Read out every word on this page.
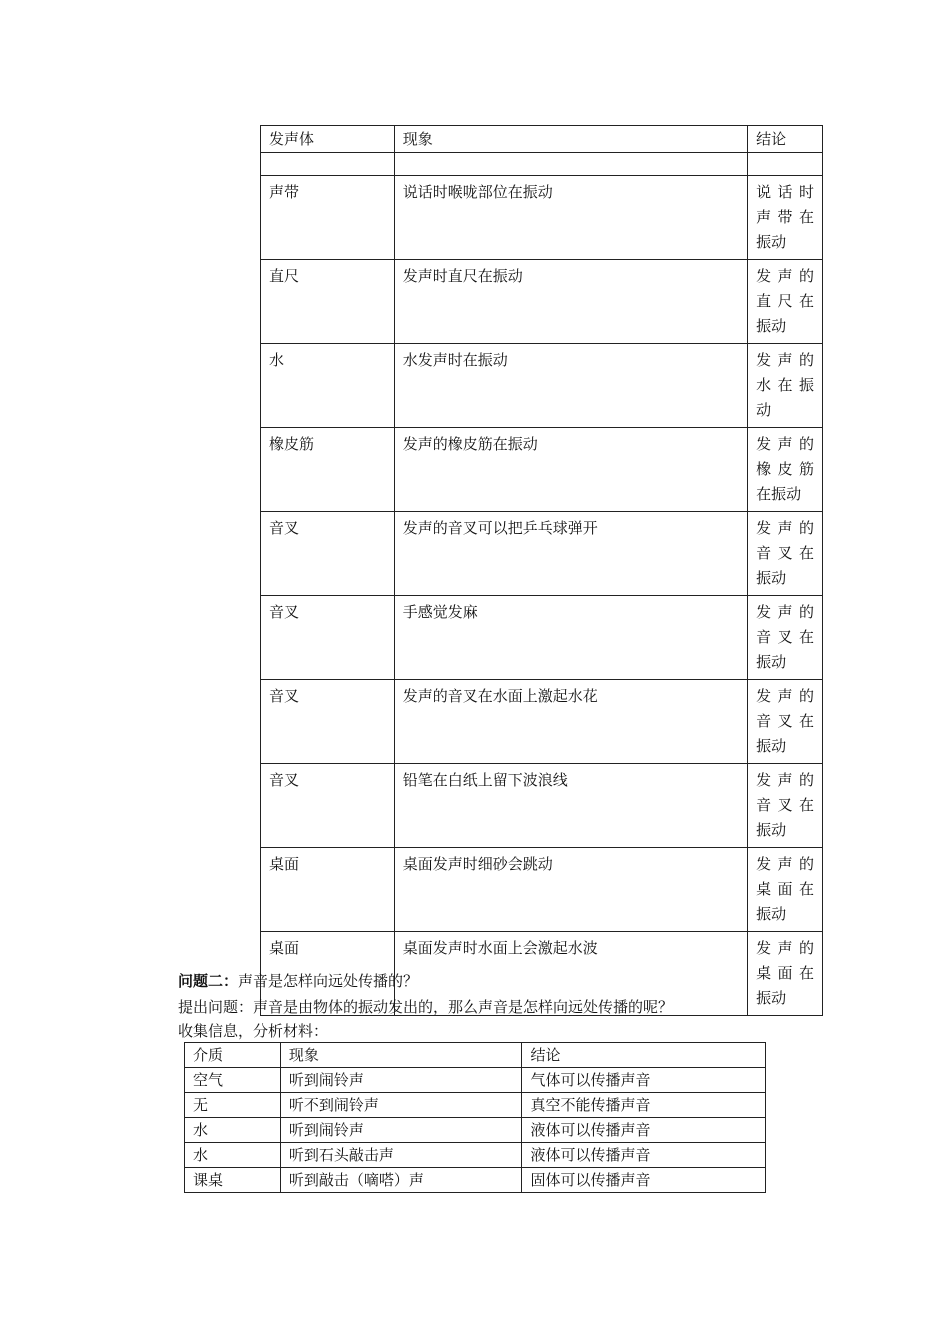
发声体	现象	结论

声带	说话时喉咙部位在振动	说话时声带在振动
直尺	发声时直尺在振动	发声的直尺在振动
水	水发声时在振动	发声的水在振动
橡皮筋	发声的橡皮筋在振动	发声的橡皮筋在振动
音叉	发声的音叉可以把乒乓球弹开	发声的音叉在振动
音叉	手感觉发麻	发声的音叉在振动
音叉	发声的音叉在水面上激起水花	发声的音叉在振动
音叉	铅笔在白纸上留下波浪线	发声的音叉在振动
桌面	桌面发声时细砂会跳动	发声的桌面在振动
桌面	桌面发声时水面上会激起水波	发声的桌面在振动
问题二：声音是怎样向远处传播的？
提出问题：声音是由物体的振动发出的，那么声音是怎样向远处传播的呢？
收集信息，分析材料：
介质	现象	结论
空气	听到闹铃声	气体可以传播声音
无	听不到闹铃声	真空不能传播声音
水	听到闹铃声	液体可以传播声音
水	听到石头敲击声	液体可以传播声音
课桌	听到敲击（嘀嗒）声	固体可以传播声音
